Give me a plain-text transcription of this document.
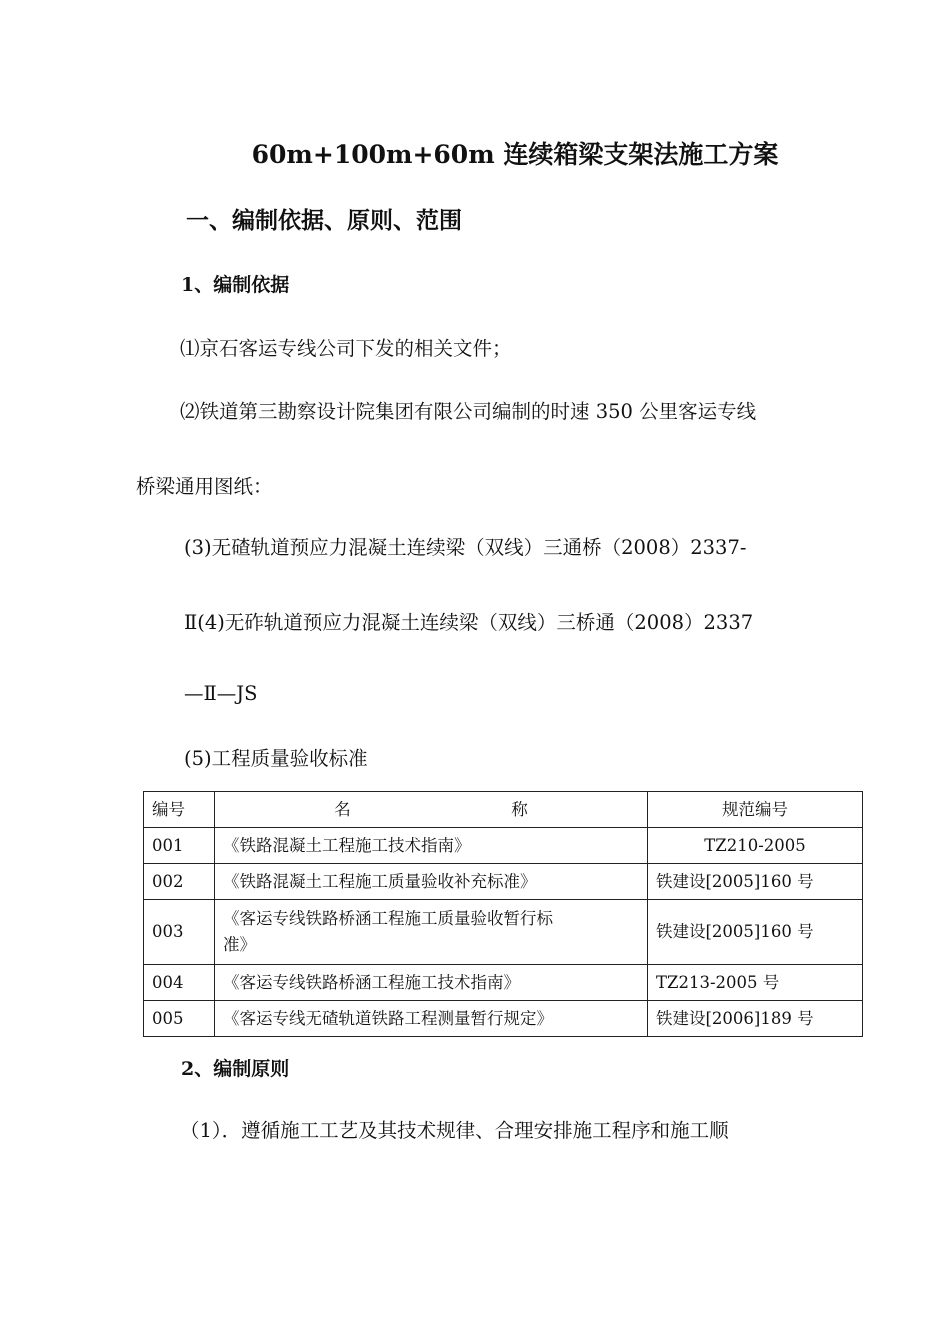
60m+100m+60m 连续箱梁支架法施工方案
一、编制依据、原则、范围
1、编制依据
⑴京石客运专线公司下发的相关文件；
⑵铁道第三勘察设计院集团有限公司编制的时速 350 公里客运专线
桥梁通用图纸：
(3)无碴轨道预应力混凝土连续梁（双线）三通桥（2008）2337-
Ⅱ(4)无砟轨道预应力混凝土连续梁（双线）三桥通（2008）2337
—Ⅱ—JS
(5)工程质量验收标准
编号	名 称	规范编号
001	《铁路混凝土工程施工技术指南》	TZ210-2005
002	《铁路混凝土工程施工质量验收补充标准》	铁建设[2005]160 号
003	《客运专线铁路桥涵工程施工质量验收暂行标
准》	铁建设[2005]160 号
004	《客运专线铁路桥涵工程施工技术指南》	TZ213-2005 号
005	《客运专线无碴轨道铁路工程测量暂行规定》	铁建设[2006]189 号
2、编制原则
（1）．遵循施工工艺及其技术规律、合理安排施工程序和施工顺
